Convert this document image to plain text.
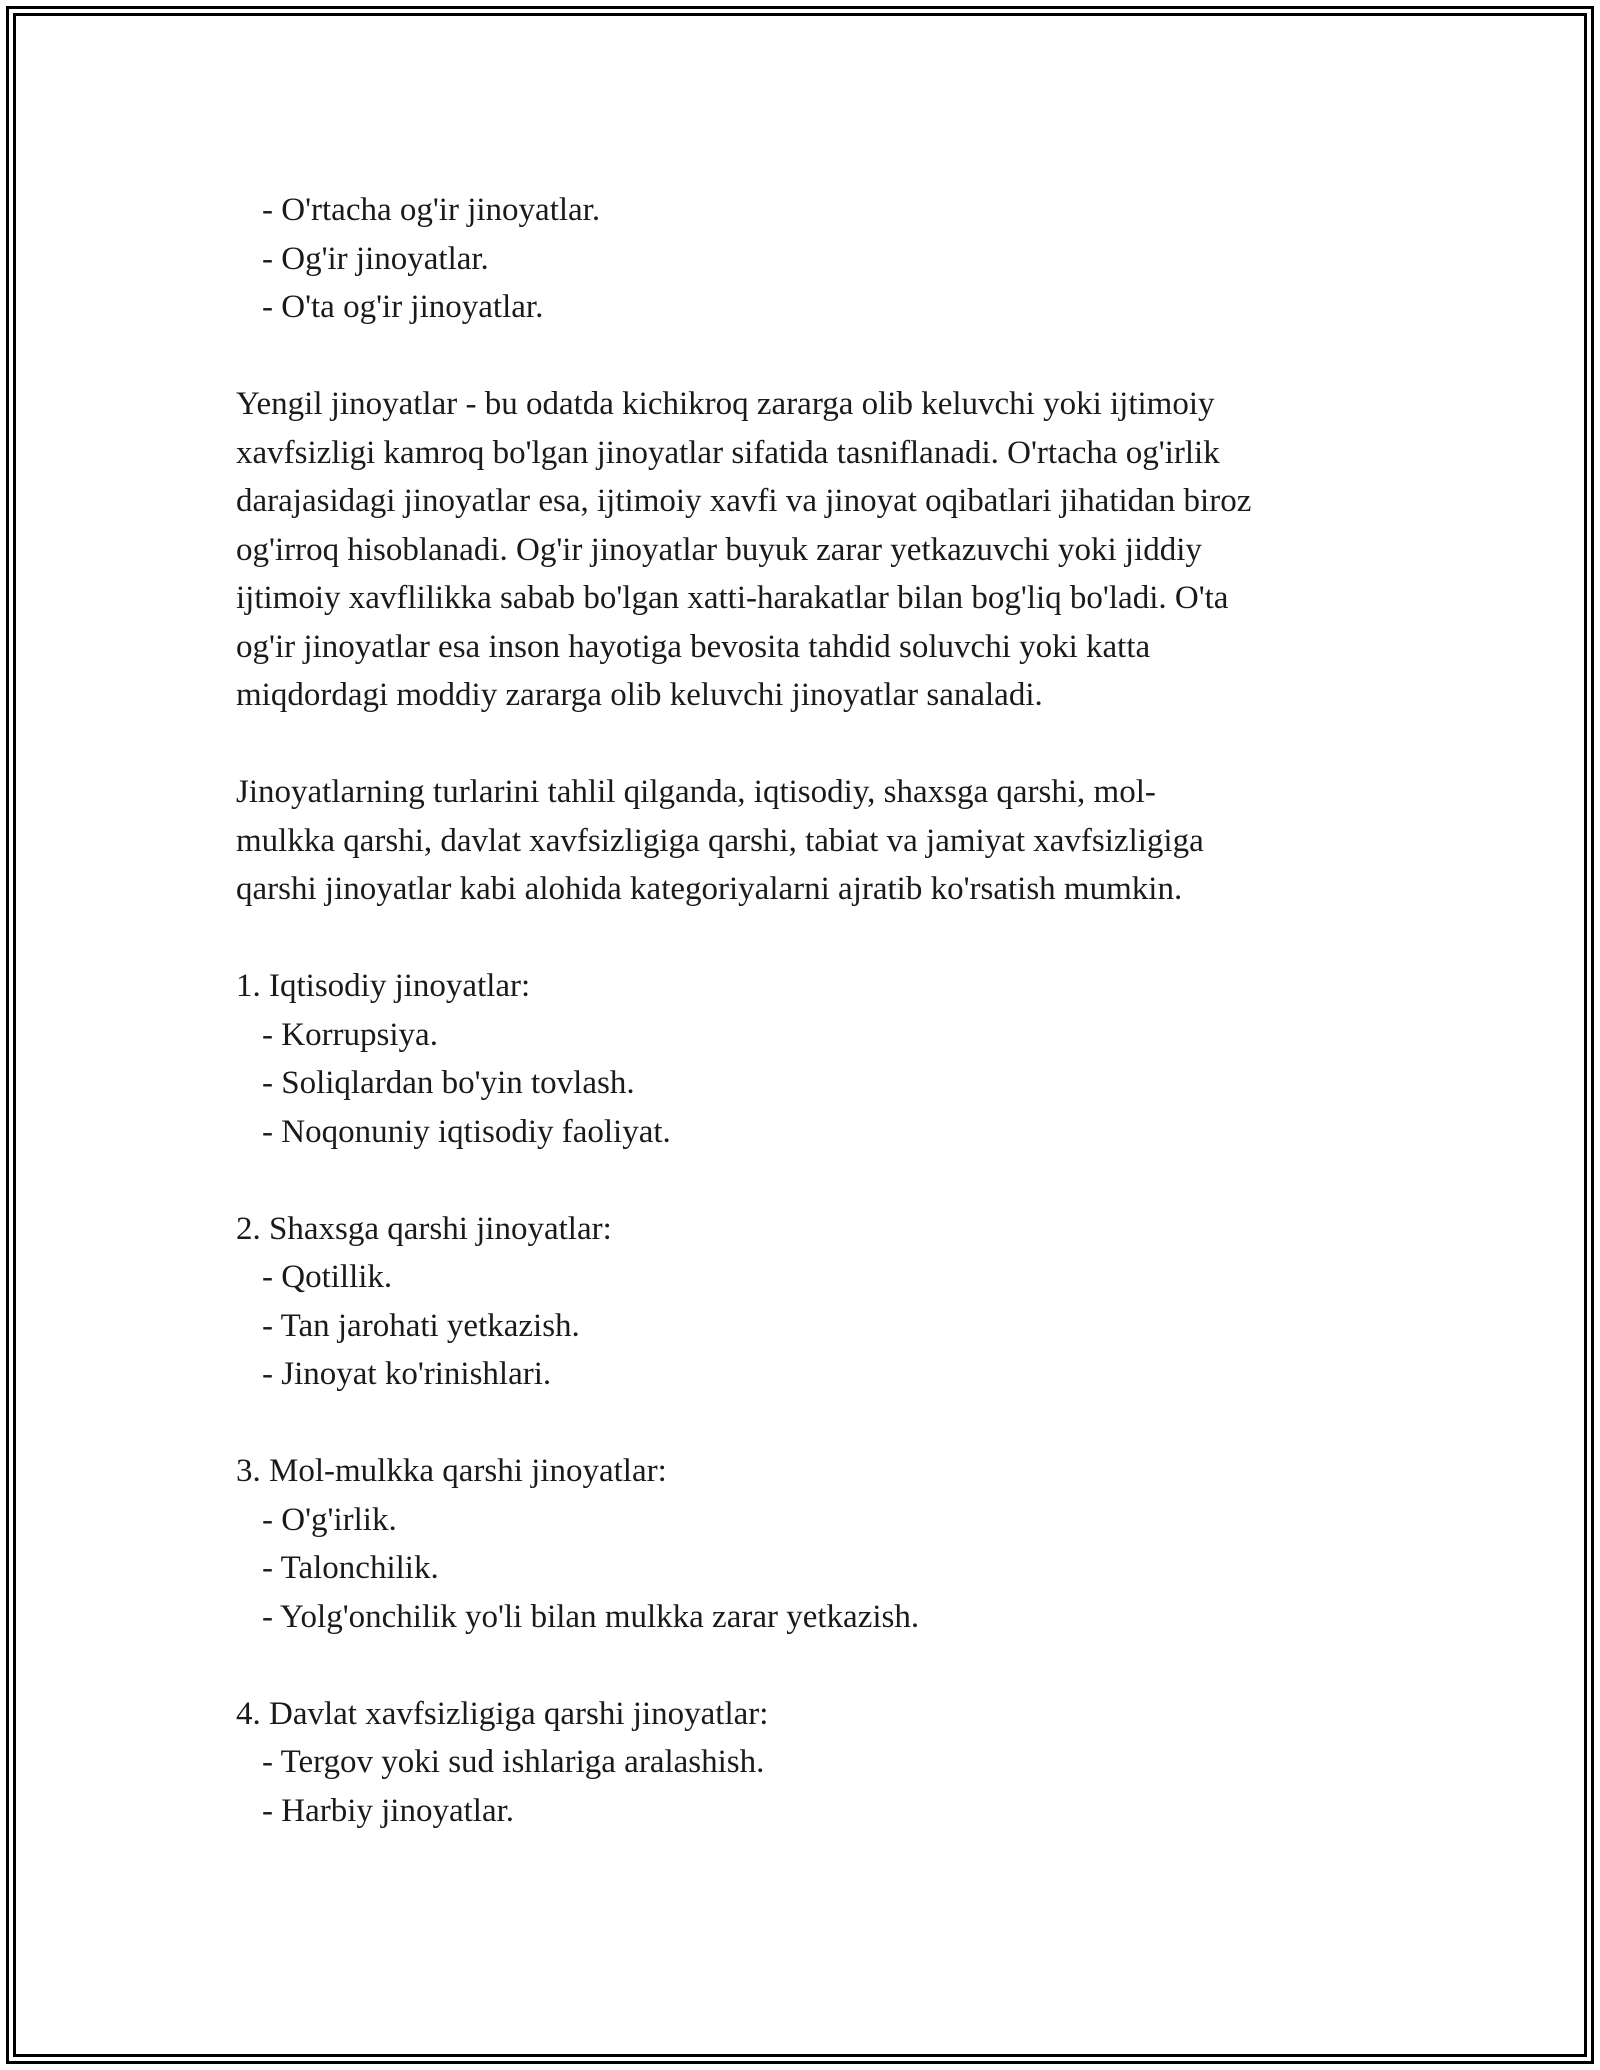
- O'rtacha og'ir jinoyatlar.

- Og'ir jinoyatlar.

- O'ta og'ir jinoyatlar.

Yengil jinoyatlar - bu odatda kichikroq zararga olib keluvchi yoki ijtimoiy

xavfsizligi kamroq bo'lgan jinoyatlar sifatida tasniflanadi. O'rtacha og'irlik

darajasidagi jinoyatlar esa, ijtimoiy xavfi va jinoyat oqibatlari jihatidan biroz

og'irroq hisoblanadi. Og'ir jinoyatlar buyuk zarar yetkazuvchi yoki jiddiy

ijtimoiy xavflilikka sabab bo'lgan xatti-harakatlar bilan bog'liq bo'ladi. O'ta

og'ir jinoyatlar esa inson hayotiga bevosita tahdid soluvchi yoki katta

miqdordagi moddiy zararga olib keluvchi jinoyatlar sanaladi.

Jinoyatlarning turlarini tahlil qilganda, iqtisodiy, shaxsga qarshi, mol-

mulkka qarshi, davlat xavfsizligiga qarshi, tabiat va jamiyat xavfsizligiga

qarshi jinoyatlar kabi alohida kategoriyalarni ajratib ko'rsatish mumkin.

1. Iqtisodiy jinoyatlar:

- Korrupsiya.

- Soliqlardan bo'yin tovlash.

- Noqonuniy iqtisodiy faoliyat.

2. Shaxsga qarshi jinoyatlar:

- Qotillik.

- Tan jarohati yetkazish.

- Jinoyat ko'rinishlari.

3. Mol-mulkka qarshi jinoyatlar:

- O'g'irlik.

- Talonchilik.

- Yolg'onchilik yo'li bilan mulkka zarar yetkazish.

4. Davlat xavfsizligiga qarshi jinoyatlar:

- Tergov yoki sud ishlariga aralashish.

- Harbiy jinoyatlar.
